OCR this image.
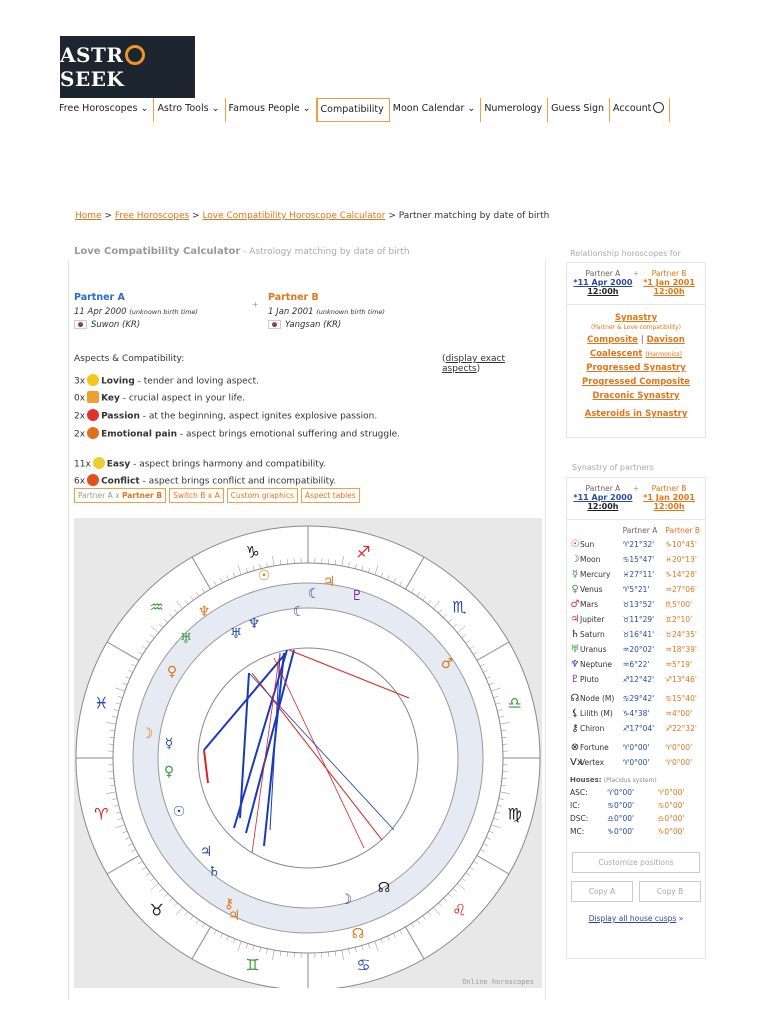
ASTRSEEK
Free Horoscopes ⌄ Astro Tools ⌄ Famous People ⌄	Compatibility Moon Calendar ⌄ Numerology Guess Sign Account
Home > Free Horoscopes > Love Compatibility Horoscope Calculator > Partner matching by date of birth
Love Compatibility Calculator - Astrology matching by date of birth
Partner A
11 Apr 2000 (unknown birth time)
Suwon (KR)
+
Partner B
1 Jan 2001 (unknown birth time)
Yangsan (KR)
Aspects & Compatibility:	(display exact aspects)
3x Loving - tender and loving aspect.
0x Key - crucial aspect in your life.
2x Passion - at the beginning, aspect ignites explosive passion.
2x Emotional pain - aspect brings emotional suffering and struggle.
11x Easy - aspect brings harmony and compatibility.
6x Conflict - aspect brings conflict and incompatibility.
Partner A x Partner B	Switch B x A	Custom graphics	Aspect tables
♈
♓
♒
♑	♐
♏
♎
♍
♌
♋
♊
♉
☾ ♇
☉	♃
♆
♅
♀
☽
☿
♀
☉
♃
♄
⚷
♃
☽
☊
☊
♂
♅
♆
☾
Online horoscopes
Relationship horoscopes for
Partner A
*11 Apr 2000
12:00h
+	Partner B
*1 Jan 2001
12:00h
Synastry
(Partner & Love compatibility)
Composite | Davison
Coalescent (Harmonics)
Progressed Synastry
Progressed Composite
Draconic Synastry
Asteroids in Synastry
Synastry of partners
Partner A
*11 Apr 2000
12:00h
+	Partner B
*1 Jan 2001
12:00h
	Partner A	Partner B
☉Sun	♈21°32'	♑10°45'
☽Moon	♋15°47'	♓20°13'
☿ Mercury	♓27°11'	♑14°28'
♀Venus	♈5°21'	♒27°06'
♂Mars	♉13°52'	♏5°00'
♃Jupiter	♉11°29'	♊2°10'
♄Saturn	♉16°41'	♉24°35'
♅Uranus	♒20°02'	♒18°39'
♆Neptune	♒6°22'	♒5°19'
♇Pluto	♐12°42'	♐13°46'

☊Node (M)	♋29°42'	♋15°40'
⚸Lilith (M)	♑4°38'	♒4°00'
⚷Chiron	♐17°04'	♐22°32'

⊗Fortune	♈0°00'	♈0°00'
VxVertex	♈0°00'	♈0°00'
Houses: (Placidus system)
ASC:	♈0°00'	♈0°00'
IC:	♋0°00'	♋0°00'
DSC:	♎0°00'	♎0°00'
MC:	♑0°00'	♑0°00'
Customize positions
Copy A	Copy B
Display all house cusps »
